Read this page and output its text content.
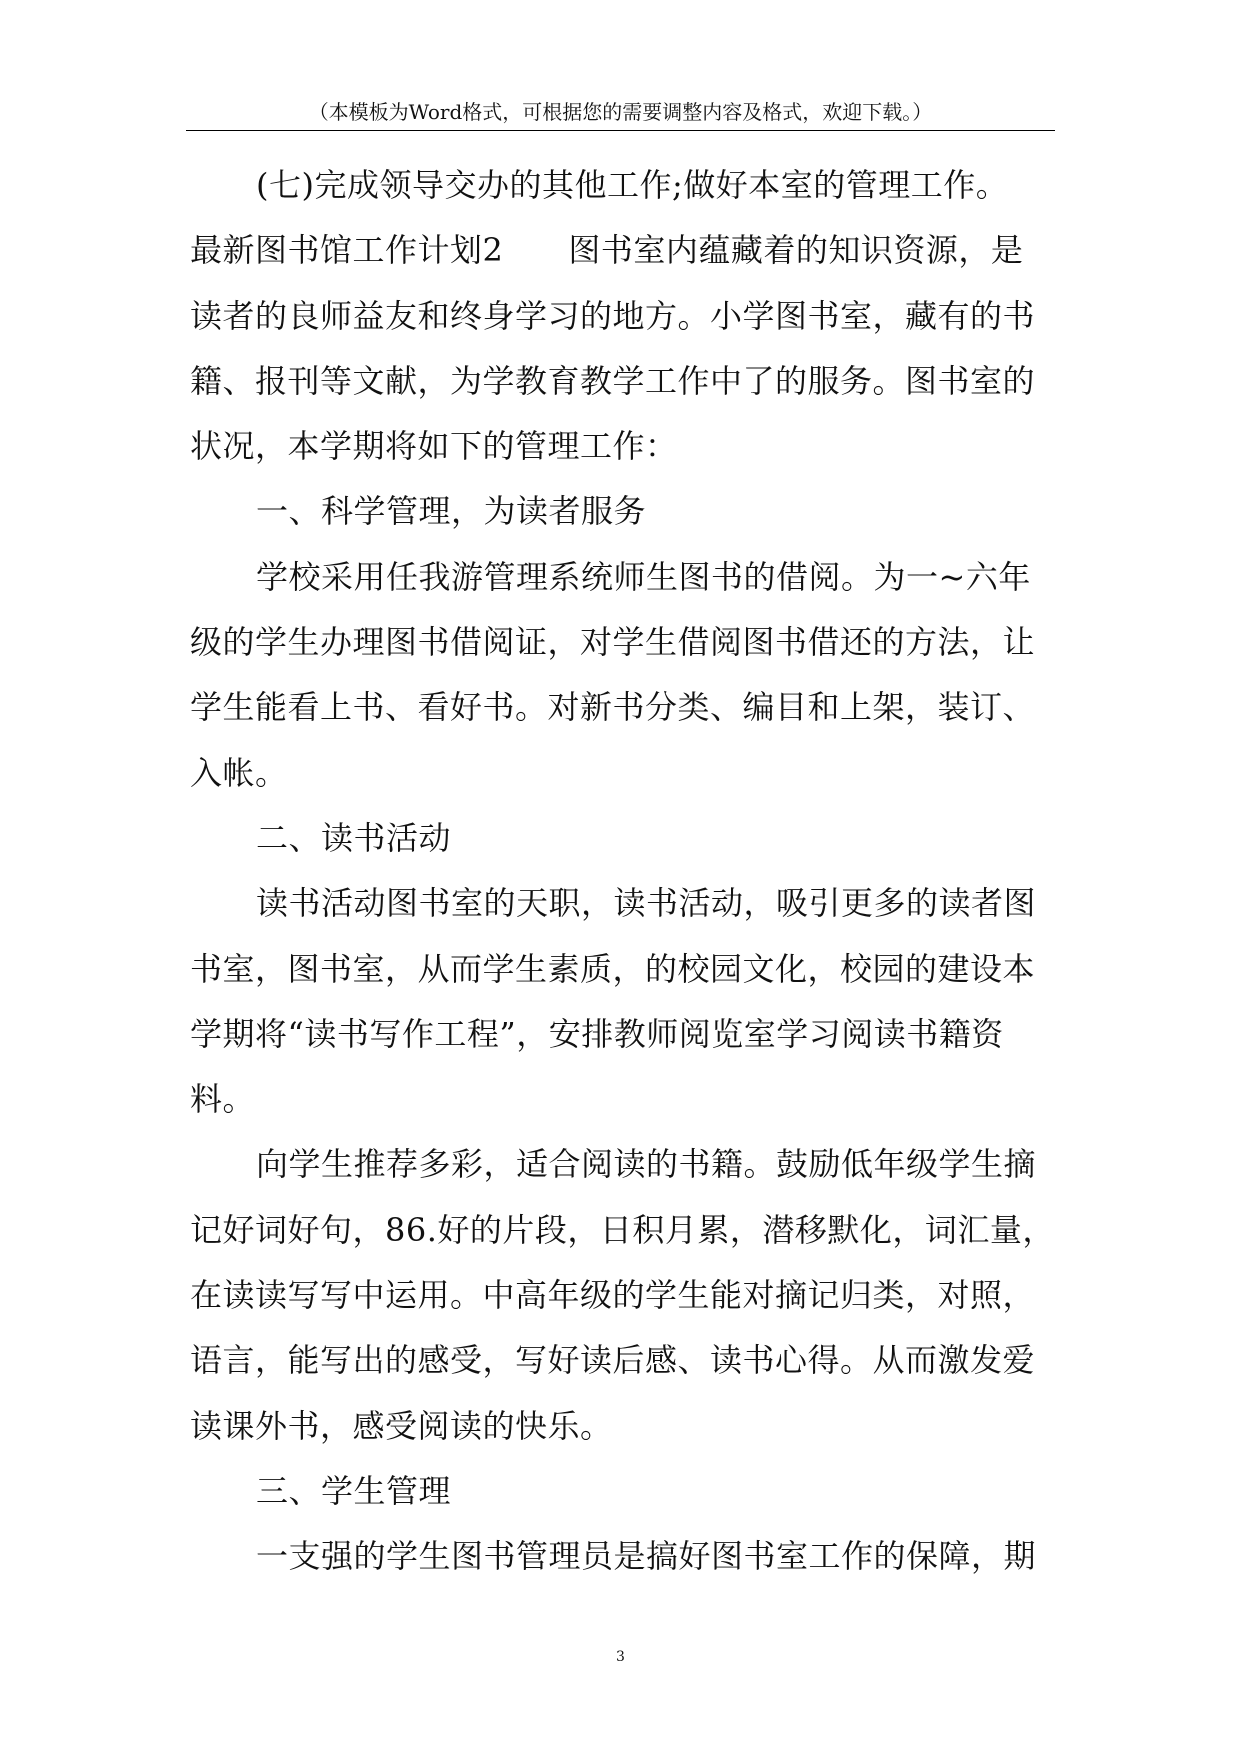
（本模板为Word格式，可根据您的需要调整内容及格式，欢迎下载。）
(七)完成领导交办的其他工作;做好本室的管理工作。
最新图书馆工作计划2　　图书室内蕴藏着的知识资源，是
读者的良师益友和终身学习的地方。小学图书室，藏有的书
籍、报刊等文献，为学教育教学工作中了的服务。图书室的
状况，本学期将如下的管理工作：
一、科学管理，为读者服务
学校采用任我游管理系统师生图书的借阅。为一~六年
级的学生办理图书借阅证，对学生借阅图书借还的方法，让
学生能看上书、看好书。对新书分类、编目和上架，装订、
入帐。
二、读书活动
读书活动图书室的天职，读书活动，吸引更多的读者图
书室，图书室，从而学生素质，的校园文化，校园的建设本
学期将“读书写作工程”，安排教师阅览室学习阅读书籍资
料。
向学生推荐多彩，适合阅读的书籍。鼓励低年级学生摘
记好词好句，86.好的片段，日积月累，潜移默化，词汇量，
在读读写写中运用。中高年级的学生能对摘记归类，对照，
语言，能写出的感受，写好读后感、读书心得。从而激发爱
读课外书，感受阅读的快乐。
三、学生管理
一支强的学生图书管理员是搞好图书室工作的保障，期
3
